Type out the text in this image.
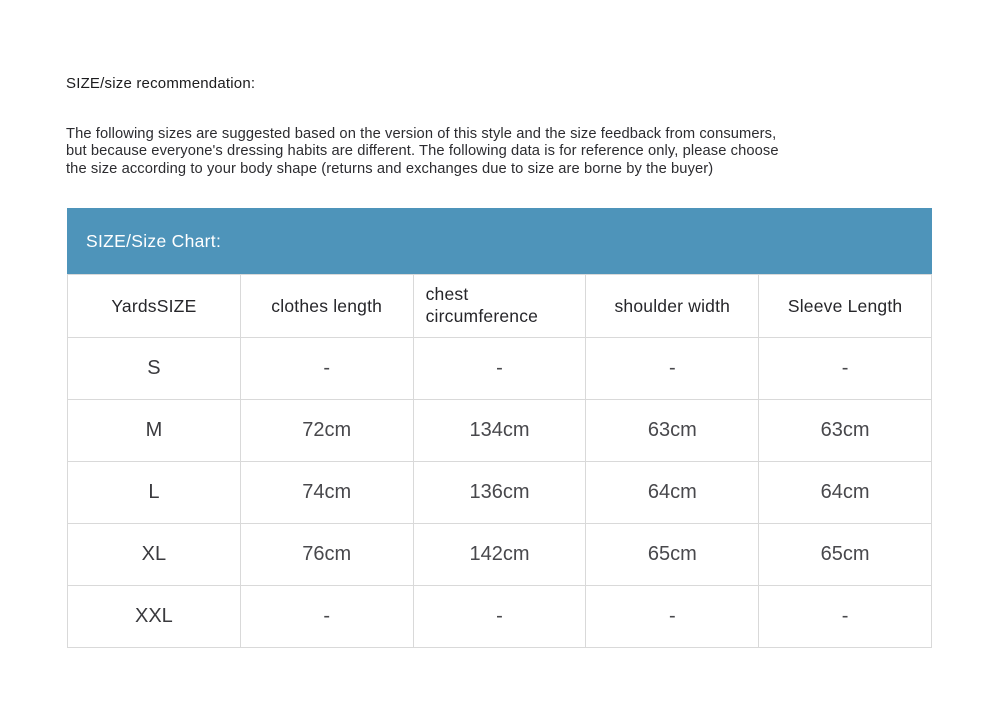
SIZE/size recommendation:
The following sizes are suggested based on the version of this style and the size feedback from consumers,
but because everyone's dressing habits are different. The following data is for reference only, please choose
the size according to your body shape (returns and exchanges due to size are borne by the buyer)
SIZE/Size Chart:
YardsSIZE	clothes length	chest circumference	shoulder width	Sleeve Length
S	-	-	-	-
M	72cm	134cm	63cm	63cm
L	74cm	136cm	64cm	64cm
XL	76cm	142cm	65cm	65cm
XXL	-	-	-	-
